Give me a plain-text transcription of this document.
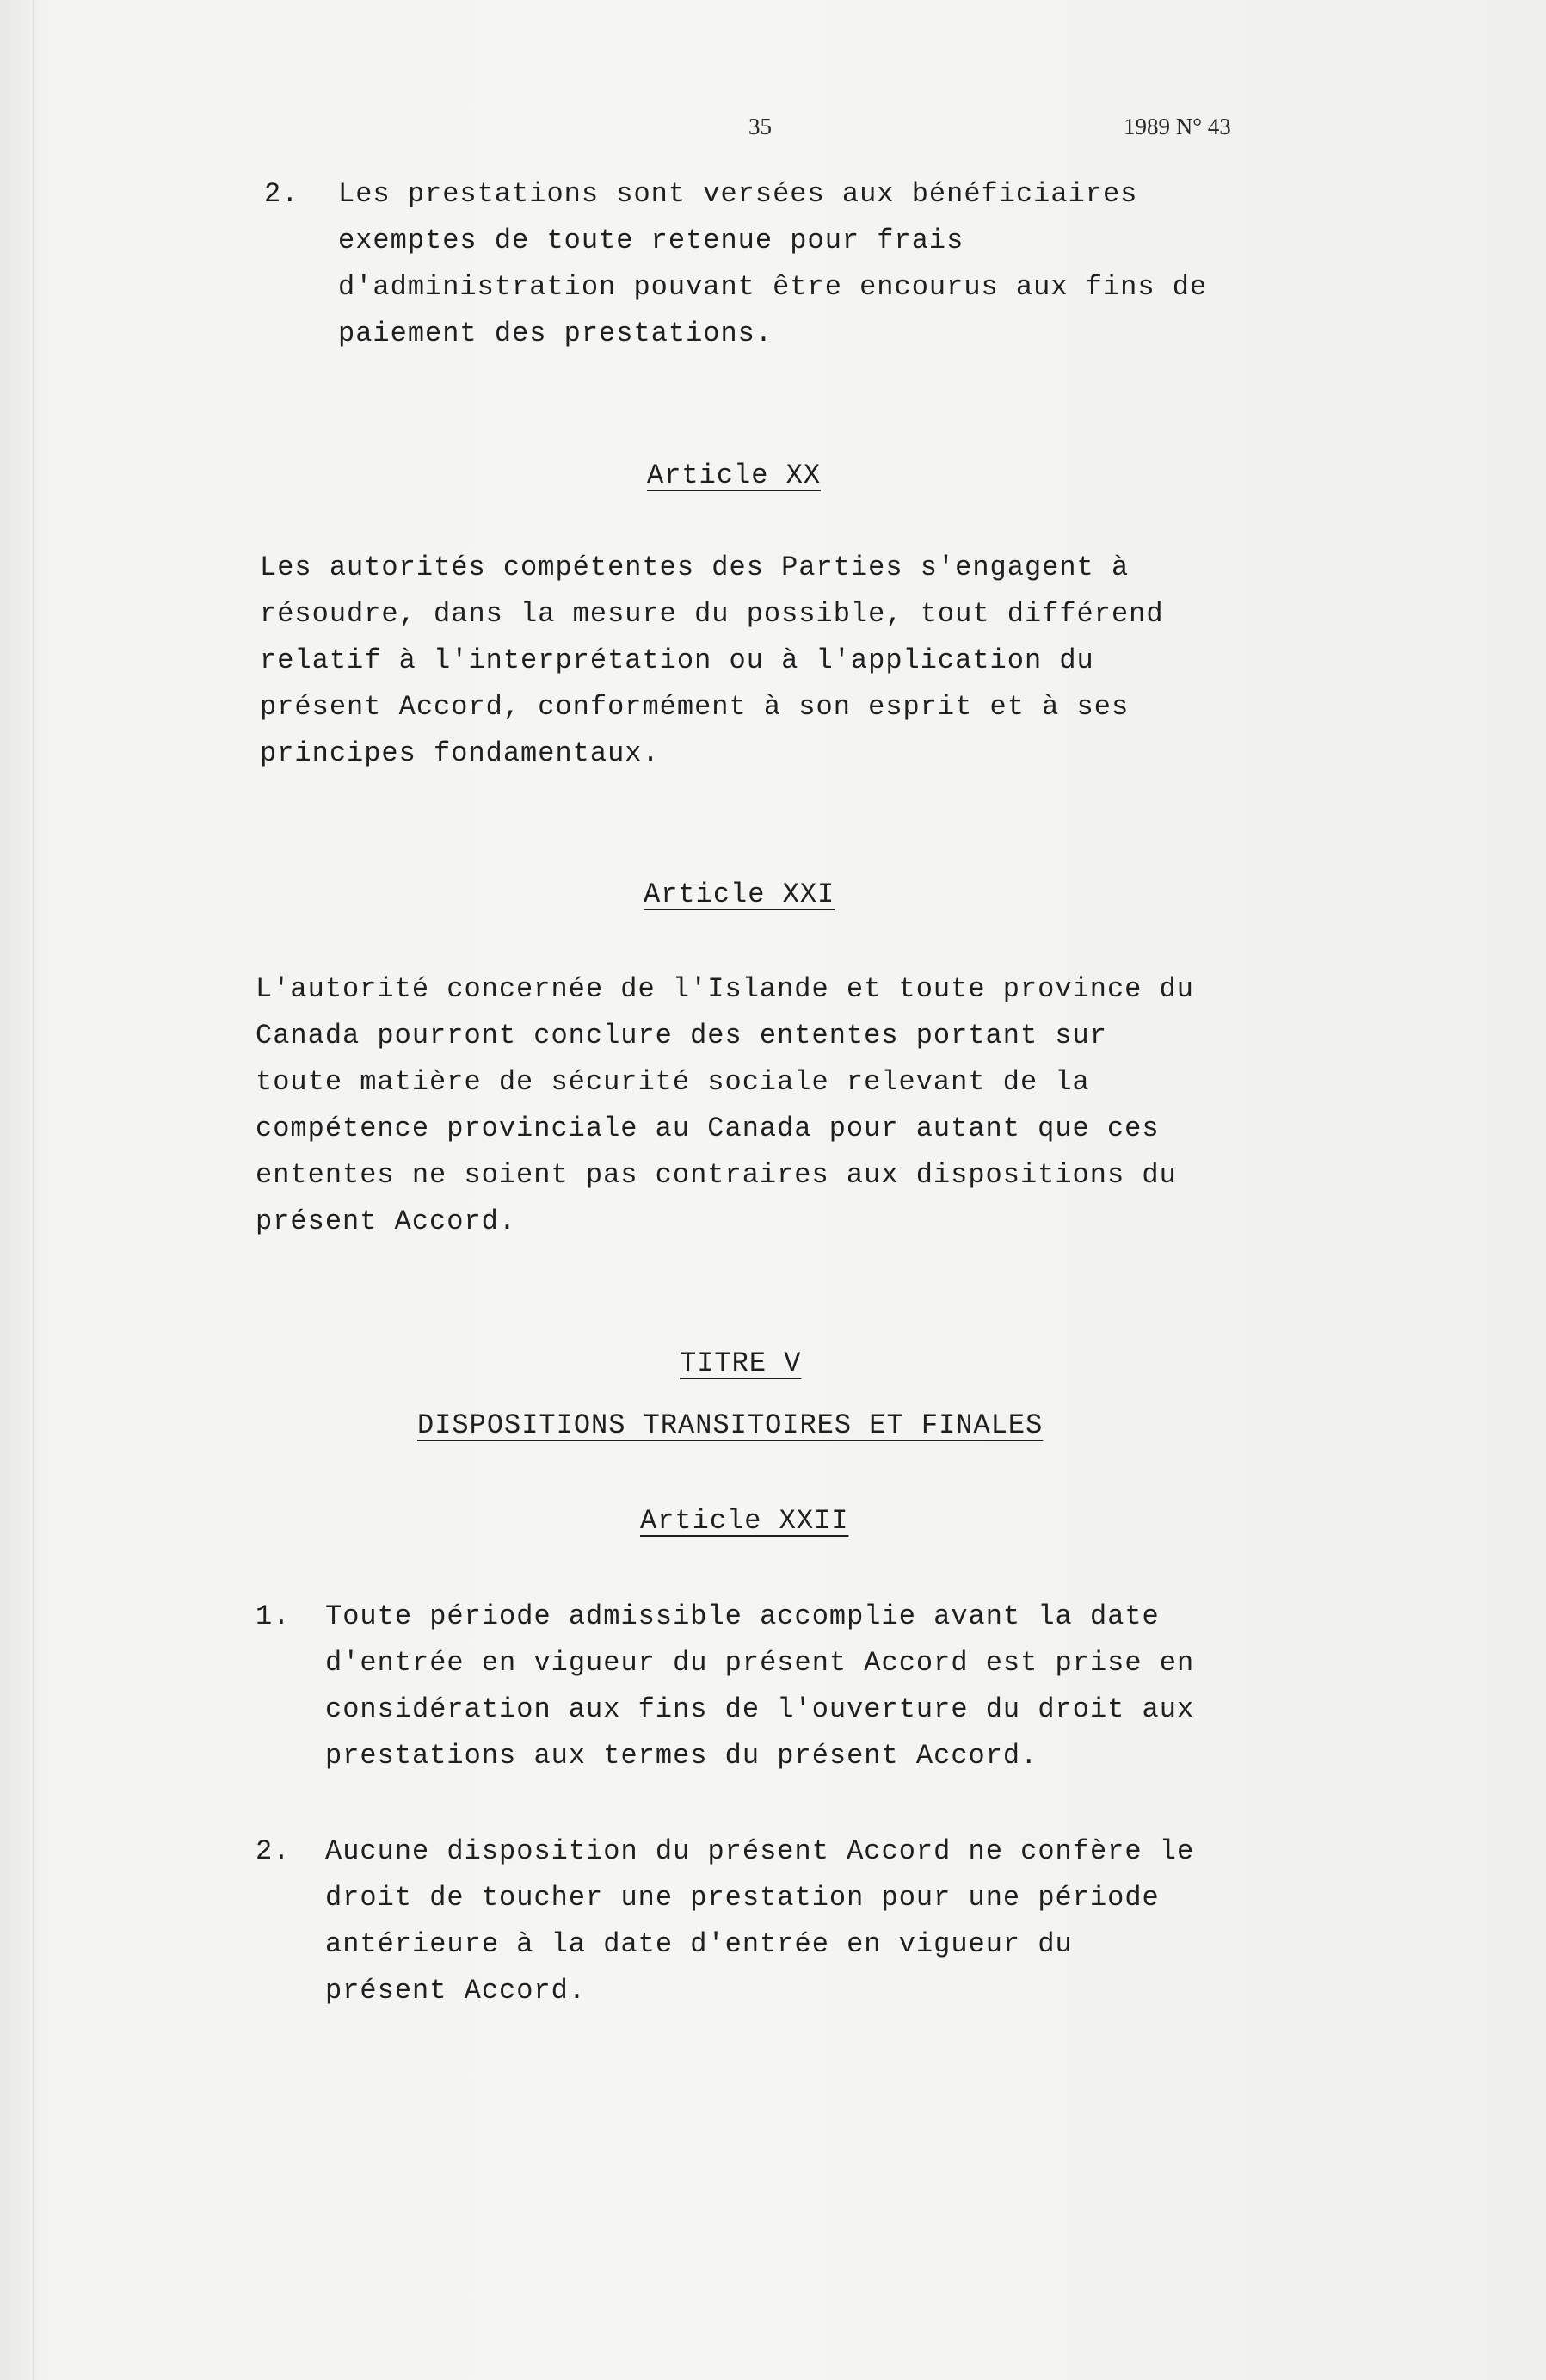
35	1989 N° 43
2. Les prestations sont versées aux bénéficiaires
exemptes de toute retenue pour frais
d'administration pouvant être encourus aux fins de
paiement des prestations.
Article XX
Les autorités compétentes des Parties s'engagent à
résoudre, dans la mesure du possible, tout différend
relatif à l'interprétation ou à l'application du
présent Accord, conformément à son esprit et à ses
principes fondamentaux.
Article XXI
L'autorité concernée de l'Islande et toute province du
Canada pourront conclure des ententes portant sur
toute matière de sécurité sociale relevant de la
compétence provinciale au Canada pour autant que ces
ententes ne soient pas contraires aux dispositions du
présent Accord.
TITRE V
DISPOSITIONS TRANSITOIRES ET FINALES
Article XXII
1. Toute période admissible accomplie avant la date
d'entrée en vigueur du présent Accord est prise en
considération aux fins de l'ouverture du droit aux
prestations aux termes du présent Accord.
2. Aucune disposition du présent Accord ne confère le
droit de toucher une prestation pour une période
antérieure à la date d'entrée en vigueur du
présent Accord.
